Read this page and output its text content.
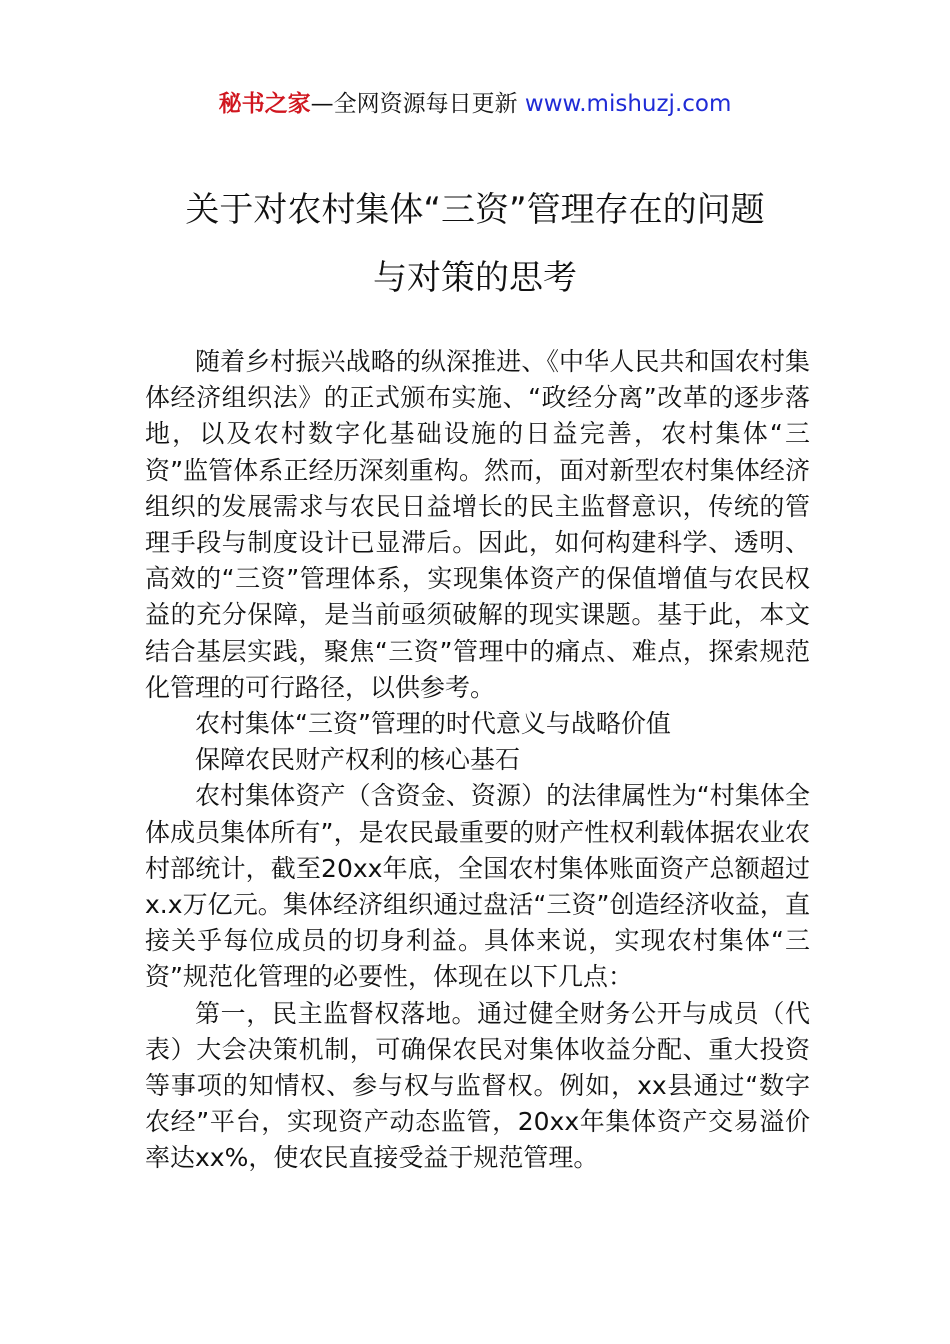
秘书之家—全网资源每日更新 www.mishuzj.com
关于对农村集体“三资”管理存在的问题
与对策的思考

随着乡村振兴战略的纵深推进、《中华人民共和国农村集体经济组织法》的正式颁布实施、“政经分离”改革的逐步落地，以及农村数字化基础设施的日益完善，农村集体“三资”监管体系正经历深刻重构。然而，面对新型农村集体经济组织的发展需求与农民日益增长的民主监督意识，传统的管理手段与制度设计已显滞后。因此，如何构建科学、透明、高效的“三资”管理体系，实现集体资产的保值增值与农民权益的充分保障，是当前亟须破解的现实课题。基于此，本文结合基层实践，聚焦“三资”管理中的痛点、难点，探索规范化管理的可行路径，以供参考。

农村集体“三资”管理的时代意义与战略价值

保障农民财产权利的核心基石

农村集体资产（含资金、资源）的法律属性为“村集体全体成员集体所有”，是农民最重要的财产性权利载体据农业农村部统计，截至20xx年底，全国农村集体账面资产总额超过x.x万亿元。集体经济组织通过盘活“三资”创造经济收益，直接关乎每位成员的切身利益。具体来说，实现农村集体“三资”规范化管理的必要性，体现在以下几点：

第一，民主监督权落地。通过健全财务公开与成员（代表）大会决策机制，可确保农民对集体收益分配、重大投资等事项的知情权、参与权与监督权。例如，xx县通过“数字农经”平台，实现资产动态监管，20xx年集体资产交易溢价率达xx%，使农民直接受益于规范管理。
